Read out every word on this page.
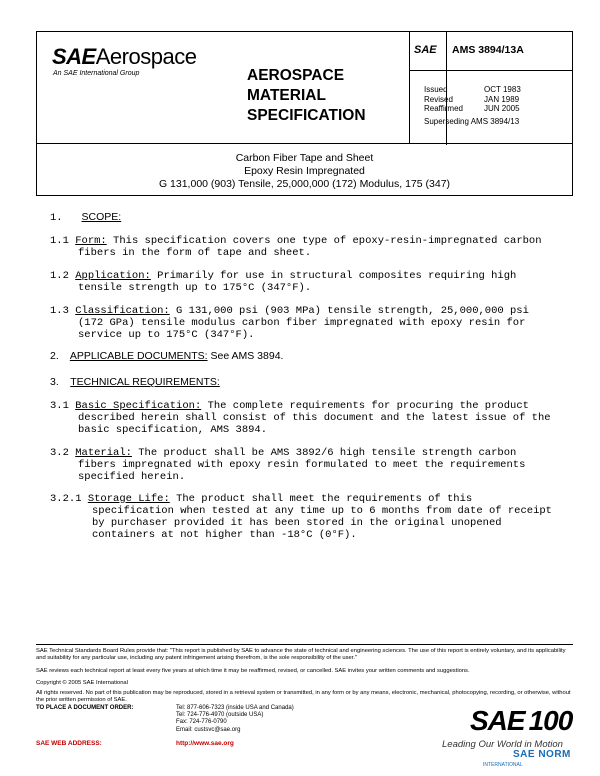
SAEAerospace
An SAE International Group	AEROSPACE
MATERIAL
SPECIFICATION
SAE AMS 3894/13A
Issued	OCT 1983
Revised	JAN 1989
Reaffirmed	JUN 2005
Superseding AMS 3894/13
Carbon Fiber Tape and Sheet
Epoxy Resin Impregnated
G 131,000 (903) Tensile, 25,000,000 (172) Modulus, 175 (347)
1. SCOPE:
1.1 Form: This specification covers one type of epoxy-resin-impregnated carbon
fibers in the form of tape and sheet.
1.2 Application: Primarily for use in structural composites requiring high
tensile strength up to 175°C (347°F).
1.3 Classification: G 131,000 psi (903 MPa) tensile strength, 25,000,000 psi
(172 GPa) tensile modulus carbon fiber impregnated with epoxy resin for
service up to 175°C (347°F).
2. APPLICABLE DOCUMENTS: See AMS 3894.
3. TECHNICAL REQUIREMENTS:
3.1 Basic Specification: The complete requirements for procuring the product
described herein shall consist of this document and the latest issue of the
basic specification, AMS 3894.
3.2 Material: The product shall be AMS 3892/6 high tensile strength carbon
fibers impregnated with epoxy resin formulated to meet the requirements
specified herein.
3.2.1 Storage Life: The product shall meet the requirements of this
specification when tested at any time up to 6 months from date of receipt
by purchaser provided it has been stored in the original unopened
containers at not higher than -18°C (0°F).
SAE Technical Standards Board Rules provide that: "This report is published by SAE to advance the state of technical and engineering sciences. The use of this report is entirely voluntary, and its applicability and suitability for any particular use, including any patent infringement arising therefrom, is the sole responsibility of the user."
SAE reviews each technical report at least every five years at which time it may be reaffirmed, revised, or cancelled. SAE invites your written comments and suggestions.
Copyright © 2005 SAE International
All rights reserved. No part of this publication may be reproduced, stored in a retrieval system or transmitted, in any form or by any means, electronic, mechanical, photocopying, recording, or otherwise, without the prior written permission of SAE.
TO PLACE A DOCUMENT ORDER:	Tel: 877-606-7323 (inside USA and Canada)
Tel: 724-776-4970 (outside USA)
Fax: 724-776-0790
Email: custsvc@sae.org
SAE WEB ADDRESS:	http://www.sae.org
SAE 100
Leading Our World in Motion
SAE NORM
INTERNATIONAL
